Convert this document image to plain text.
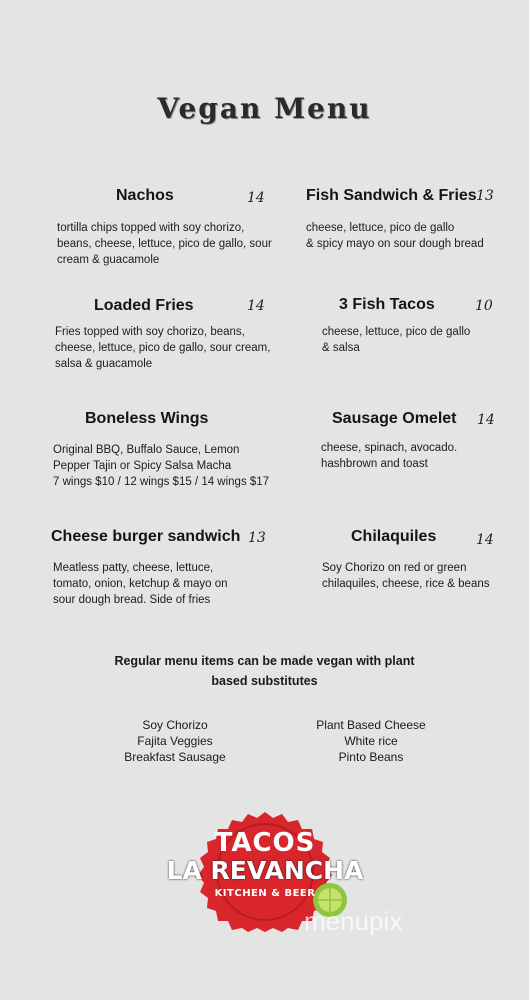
Vegan Menu
Nachos	14
tortilla chips topped with soy chorizo,
beans, cheese, lettuce, pico de gallo, sour
cream & guacamole
Fish Sandwich & Fries 13
cheese, lettuce, pico de gallo
& spicy mayo on sour dough bread
Loaded Fries	14
Fries topped with soy chorizo, beans,
cheese, lettuce, pico de gallo, sour cream,
salsa & guacamole
3 Fish Tacos	10
cheese, lettuce, pico de gallo
& salsa
Boneless Wings
Original BBQ, Buffalo Sauce, Lemon
Pepper Tajin or Spicy Salsa Macha
7 wings $10 / 12 wings $15 / 14 wings $17
Sausage Omelet 14
cheese, spinach, avocado.
hashbrown and toast
Cheese burger sandwich 13
Meatless patty, cheese, lettuce,
tomato, onion, ketchup & mayo on
sour dough bread. Side of fries
Chilaquiles	14
Soy Chorizo on red or green
chilaquiles, cheese, rice & beans
Regular menu items can be made vegan with plant
based substitutes
Soy Chorizo
Fajita Veggies
Breakfast Sausage
Plant Based Cheese
White rice
Pinto Beans
TACOS
LA REVANCHA
KITCHEN & BEER
menupix
